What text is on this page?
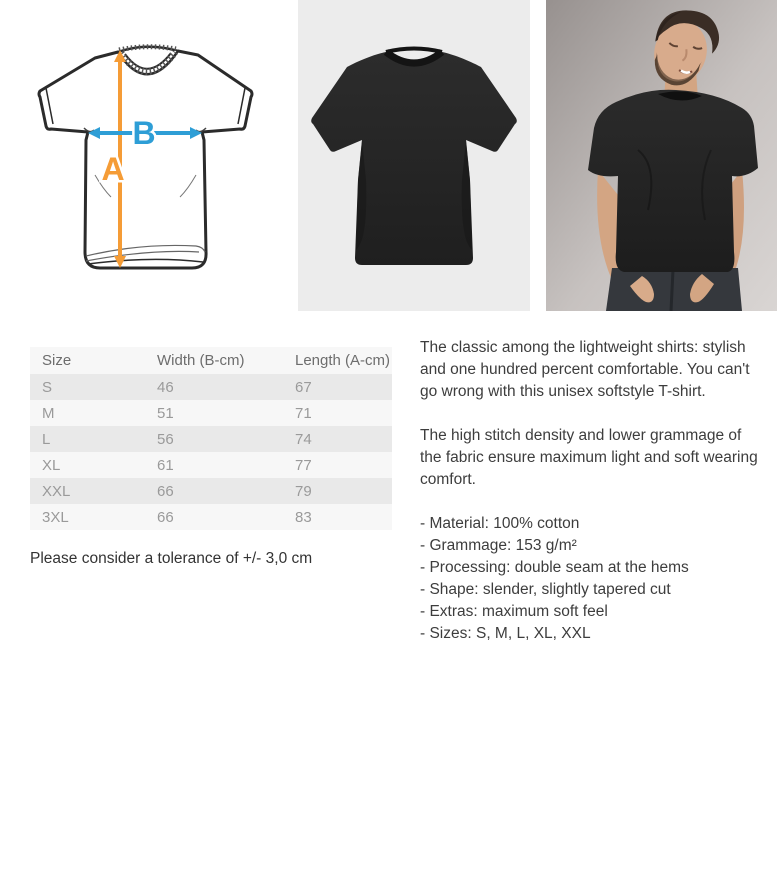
A
B
Size	Width (B-cm)	Length (A-cm)
S	46	67
M	51	71
L	56	74
XL	61	77
XXL	66	79
3XL	66	83
Please consider a tolerance of +/- 3,0 cm

The classic among the lightweight shirts: stylish and one hundred percent comfortable. You can't go wrong with this unisex softstyle T-shirt.

The high stitch density and lower grammage of the fabric ensure maximum light and soft wearing comfort.

- Material: 100% cotton
- Grammage: 153 g/m²
- Processing: double seam at the hems
- Shape: slender, slightly tapered cut
- Extras: maximum soft feel
- Sizes: S, M, L, XL, XXL
